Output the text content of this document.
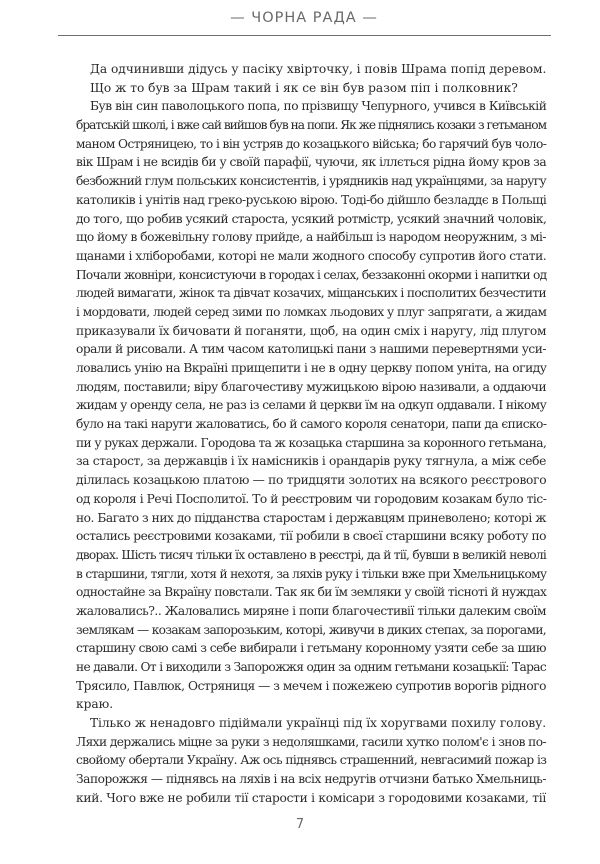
— ЧОРНА РАДА —
Да одчинивши дідусь у пасіку хвірточку, і повів Шрама попід деревом.
Що ж то був за Шрам такий і як се він був разом піп і полковник?
Був він син паволоцького попа, по прізвищу Чепурного, учився в Київській
братській школі, і вже сай вийшов був на попи. Як же піднялись козаки з гетьманом
маном Остряницею, то і він устряв до козацького війська; бо гарячий був чоло-
вік Шрам і не всидів би у своїй парафії, чуючи, як іллється рідна йому кров за
безбожний глум польських консистентів, і урядників над українцями, за наругу
католиків і унітів над греко-руською вірою. Тоді-бо дійшло безладдє в Польщі
до того, що робив усякий староста, усякий ротмістр, усякий значний чоловік,
що йому в божевільну голову прийде, а найбільш із народом неоружним, з мі-
щанами і хліборобами, которі не мали жодного способу супротив його стати.
Почали жовніри, консистуючи в городах і селах, беззаконні окорми і напитки од
людей вимагати, жінок та дівчат козачих, міщанських і посполитих безчестити
і мордовати, людей серед зими по ломках льодових у плуг запрягати, а жидам
приказували їх бичовати й поганяти, щоб, на один сміх і наругу, лід плугом
орали й рисовали. А тим часом католицькі пани з нашими перевертнями уси-
ловались унію на Вкраїні прищепити і не в одну церкву попом уніта, на огиду
людям, поставили; віру благочестиву мужицькою вірою називали, а оддаючи
жидам у оренду села, не раз із селами й церкви їм на одкуп оддавали. І нікому
було на такі наруги жаловатись, бо й самого короля сенатори, папи да єписко-
пи у руках держали. Городова та ж козацька старшина за коронного гетьмана,
за старост, за державців і їх намісників і орандарів руку тягнула, а між себе
ділилась козацькою платою — по тридцяти золотих на всякого реєстрового
од короля і Речі Посполитої. То й реєстровим чи городовим козакам було тіс-
но. Багато з них до підданства старостам і державцям приневолено; которі ж
остались реєстровими козаками, тії робили в своєї старшини всяку роботу по
дворах. Шість тисяч тільки їх оставлено в реєстрі, да й тії, бувши в великій неволі
в старшини, тягли, хотя й нехотя, за ляхів руку і тільки вже при Хмельницькому
одностайне за Вкраїну повстали. Так як би їм земляки у своїй тісноті й нуждах
жаловались?.. Жаловались миряне і попи благочестивії тільки далеким своїм
землякам — козакам запорозьким, которі, живучи в диких степах, за порогами,
старшину свою самі з себе вибирали і гетьману коронному узяти себе за шию
не давали. От і виходили з Запорожжя один за одним гетьмани козацькії: Тарас
Трясило, Павлюк, Остряниця — з мечем і пожежею супротив ворогів рідного
краю.
Тілько ж ненадовго підіймали українці під їх хоругвами похилу голову.
Ляхи держались міцне за руки з недоляшками, гасили хутко полом'є і знов по-
свойому обертали Україну. Аж ось піднявсь страшенний, невгасимий пожар із
Запорожжя — піднявсь на ляхів і на всіх недругів отчизни батько Хмельниць-
кий. Чого вже не робили тії старости і комісари з городовими козаками, тії
7
